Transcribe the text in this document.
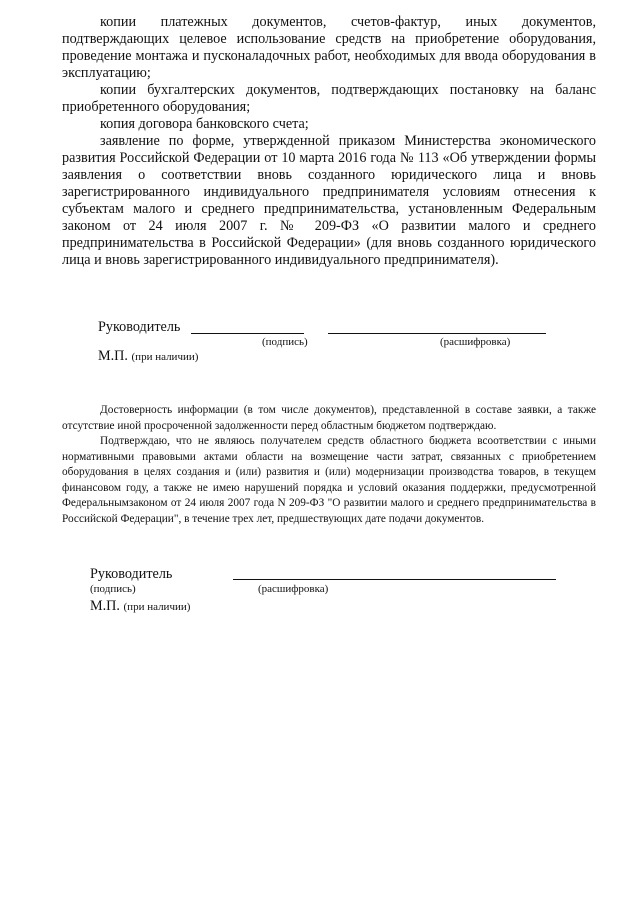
копии платежных документов, счетов-фактур, иных документов, подтверждающих целевое использование средств на приобретение оборудования, проведение монтажа и пусконаладочных работ, необходимых для ввода оборудования в эксплуатацию;

копии бухгалтерских документов, подтверждающих постановку на баланс приобретенного оборудования;

копия договора банковского счета;

заявление по форме, утвержденной приказом Министерства экономического развития Российской Федерации от 10 марта 2016 года № 113 «Об утверждении формы заявления о соответствии вновь созданного юридического лица и вновь зарегистрированного индивидуального предпринимателя условиям отнесения к субъектам малого и среднего предпринимательства, установленным Федеральным законом от 24 июля 2007 г. № 209-ФЗ «О развитии малого и среднего предпринимательства в Российской Федерации» (для вновь созданного юридического лица и вновь зарегистрированного индивидуального предпринимателя).

Руководитель
(подпись)	(расшифровка)
М.П. (при наличии)

Достоверность информации (в том числе документов), представленной в составе заявки, а также отсутствие иной просроченной задолженности перед областным бюджетом подтверждаю.

Подтверждаю, что не являюсь получателем средств областного бюджета всоответствии с иными нормативными правовыми актами области на возмещение части затрат, связанных с приобретением оборудования в целях создания и (или) развития и (или) модернизации производства товаров, в текущем финансовом году, а также не имею нарушений порядка и условий оказания поддержки, предусмотренной Федеральнымзаконом от 24 июля 2007 года N 209-ФЗ "О развитии малого и среднего предпринимательства в Российской Федерации", в течение трех лет, предшествующих дате подачи документов.

Руководитель
(подпись)	(расшифровка)
М.П. (при наличии)
